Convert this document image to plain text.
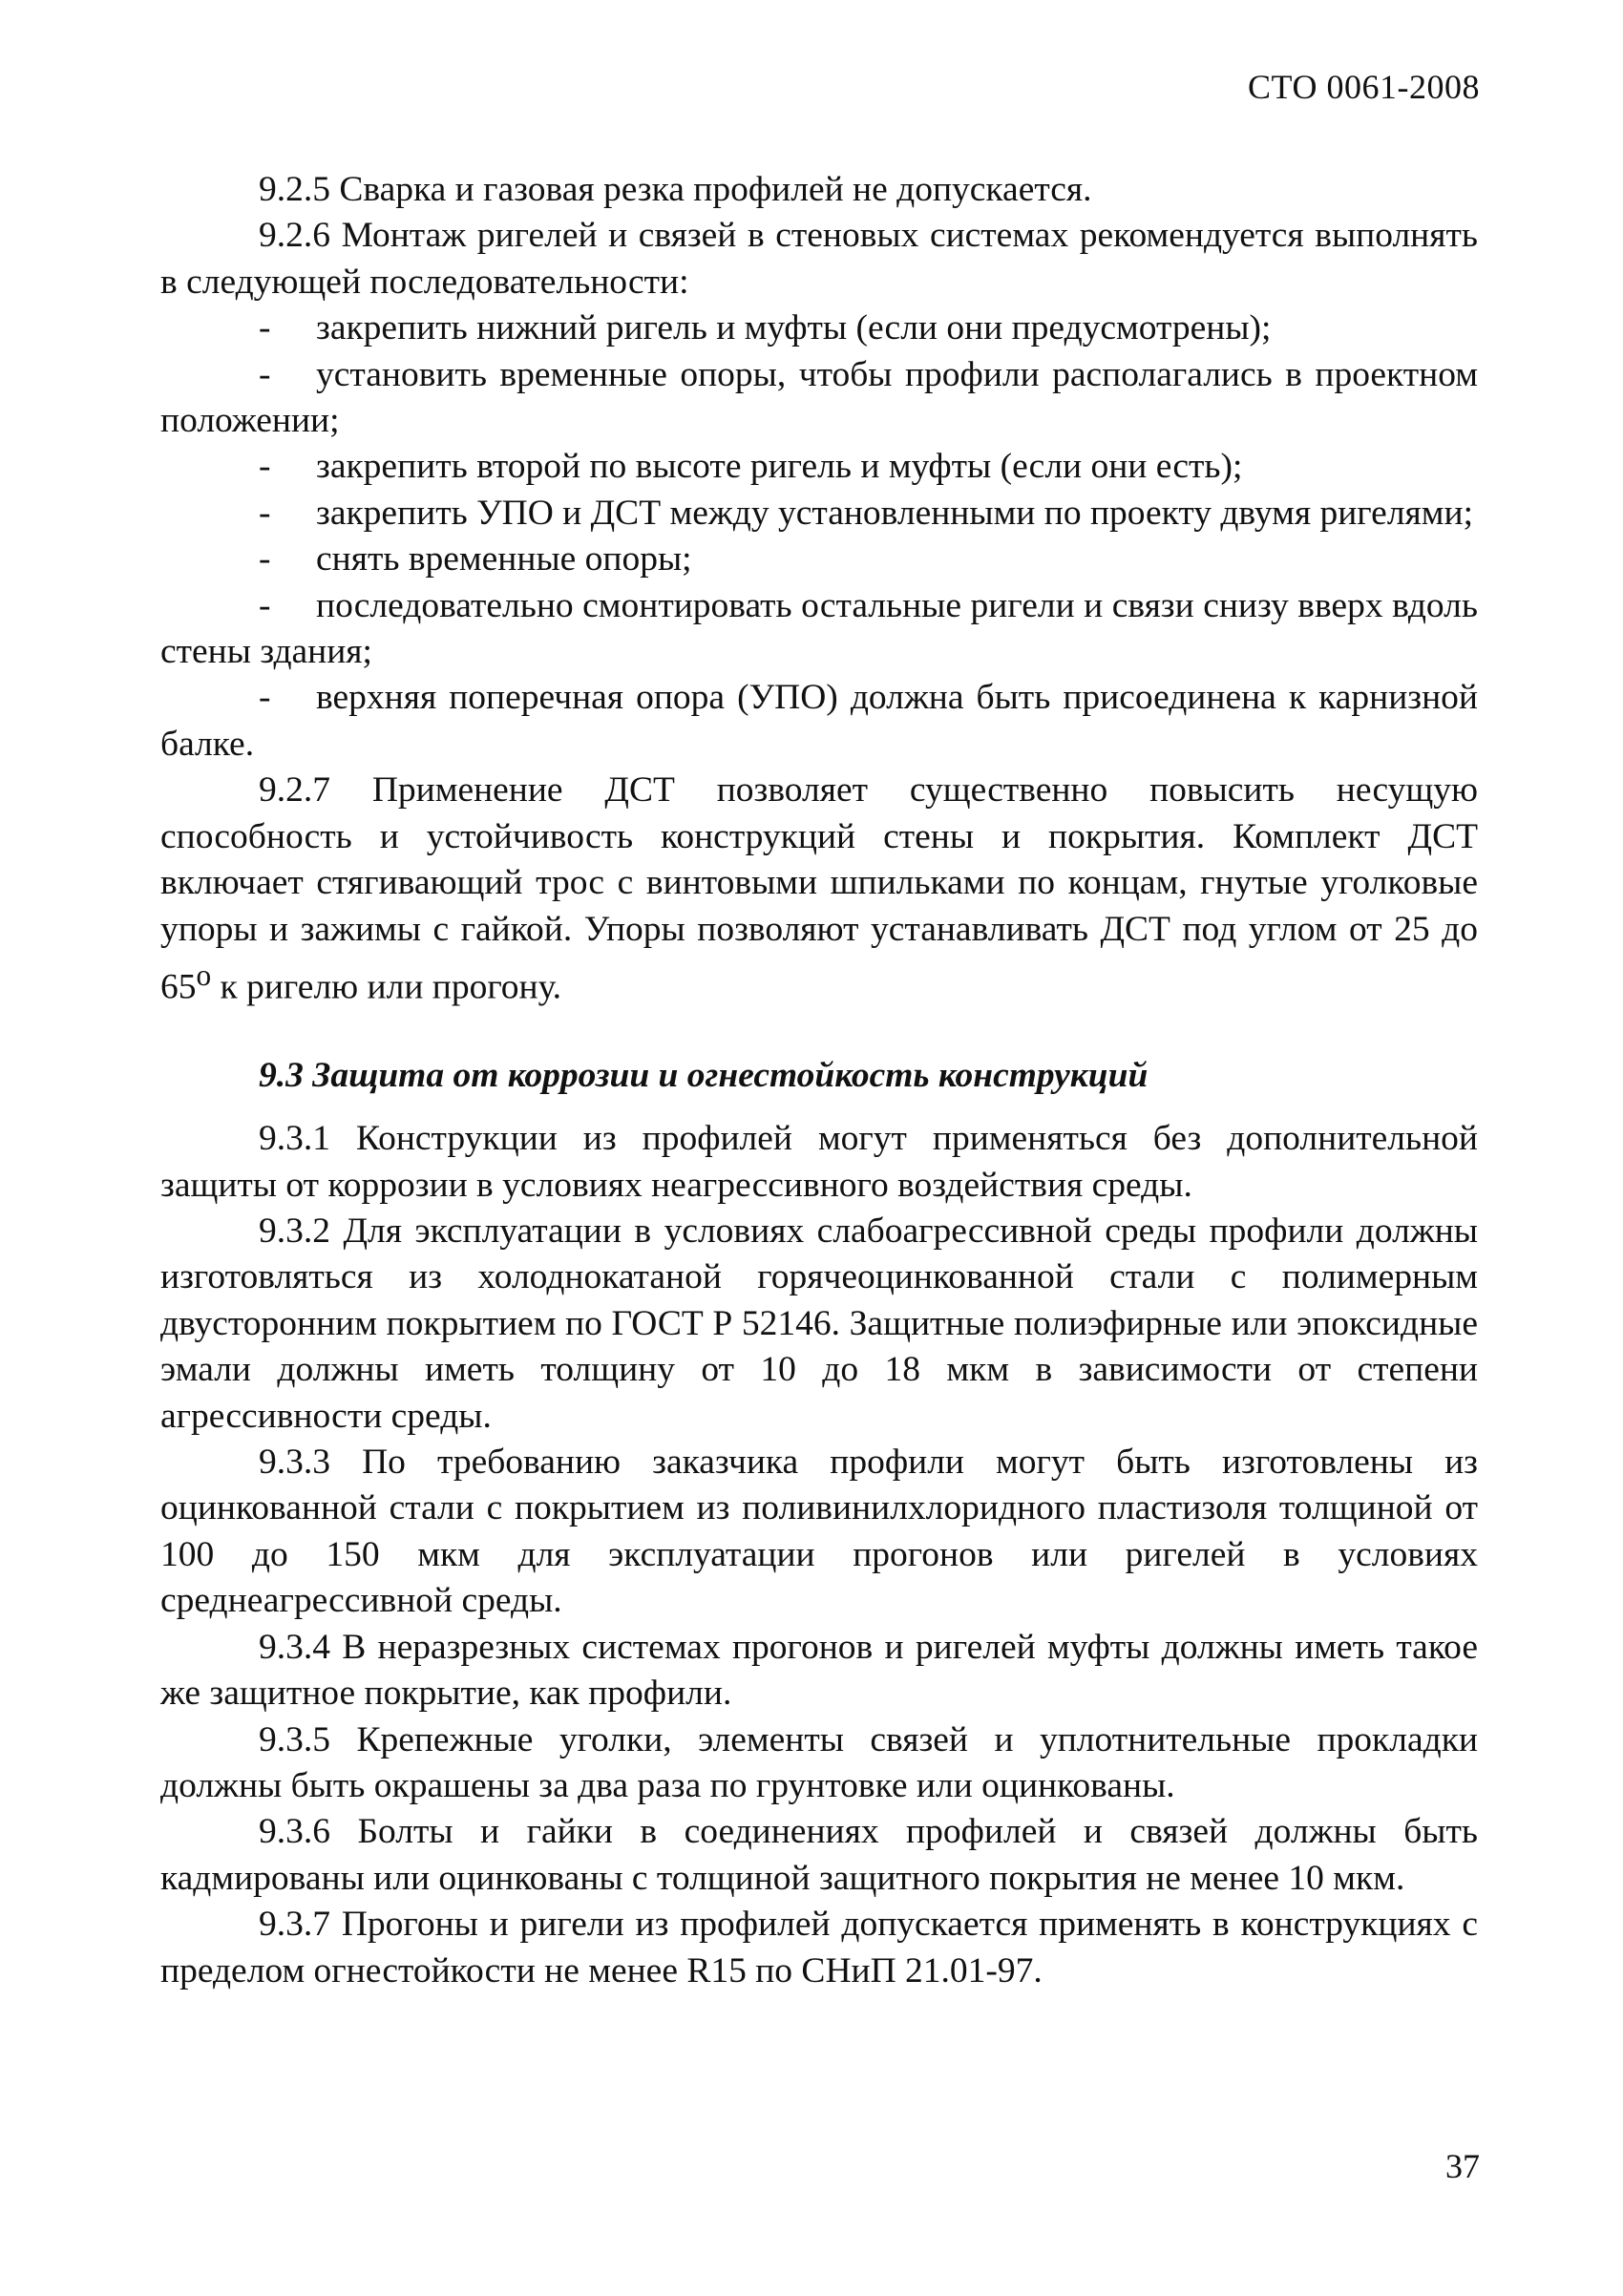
СТО 0061-2008

9.2.5 Сварка и газовая резка профилей не допускается.

9.2.6 Монтаж ригелей и связей в стеновых системах рекомендуется выполнять в следующей последовательности:

- закрепить нижний ригель и муфты (если они предусмотрены);

- установить временные опоры, чтобы профили располагались в проектном положении;

- закрепить второй по высоте ригель и муфты (если они есть);

- закрепить УПО и ДСТ между установленными по проекту двумя ригелями;

- снять временные опоры;

- последовательно смонтировать остальные ригели и связи снизу вверх вдоль стены здания;

- верхняя поперечная опора (УПО) должна быть присоединена к карнизной балке.

9.2.7 Применение ДСТ позволяет существенно повысить несущую способность и устойчивость конструкций стены и покрытия. Комплект ДСТ включает стягивающий трос с винтовыми шпильками по концам, гнутые уголковые упоры и зажимы с гайкой. Упоры позволяют устанавливать ДСТ под углом от 25 до $65^о$ к ригелю или прогону.

9.3 Защита от коррозии и огнестойкость конструкций

9.3.1 Конструкции из профилей могут применяться без дополнительной защиты от коррозии в условиях неагрессивного воздействия среды.

9.3.2 Для эксплуатации в условиях слабоагрессивной среды профили должны изготовляться из холоднокатаной горячеоцинкованной стали с полимерным двусторонним покрытием по ГОСТ Р 52146. Защитные полиэфирные или эпоксидные эмали должны иметь толщину от 10 до 18 мкм в зависимости от степени агрессивности среды.

9.3.3 По требованию заказчика профили могут быть изготовлены из оцинкованной стали с покрытием из поливинилхлоридного пластизоля толщиной от 100 до 150 мкм для эксплуатации прогонов или ригелей в условиях среднеагрессивной среды.

9.3.4 В неразрезных системах прогонов и ригелей муфты должны иметь такое же защитное покрытие, как профили.

9.3.5 Крепежные уголки, элементы связей и уплотнительные прокладки должны быть окрашены за два раза по грунтовке или оцинкованы.

9.3.6 Болты и гайки в соединениях профилей и связей должны быть кадмированы или оцинкованы с толщиной защитного покрытия не менее 10 мкм.

9.3.7 Прогоны и ригели из профилей допускается применять в конструкциях с пределом огнестойкости не менее R15 по СНиП 21.01-97.

37
